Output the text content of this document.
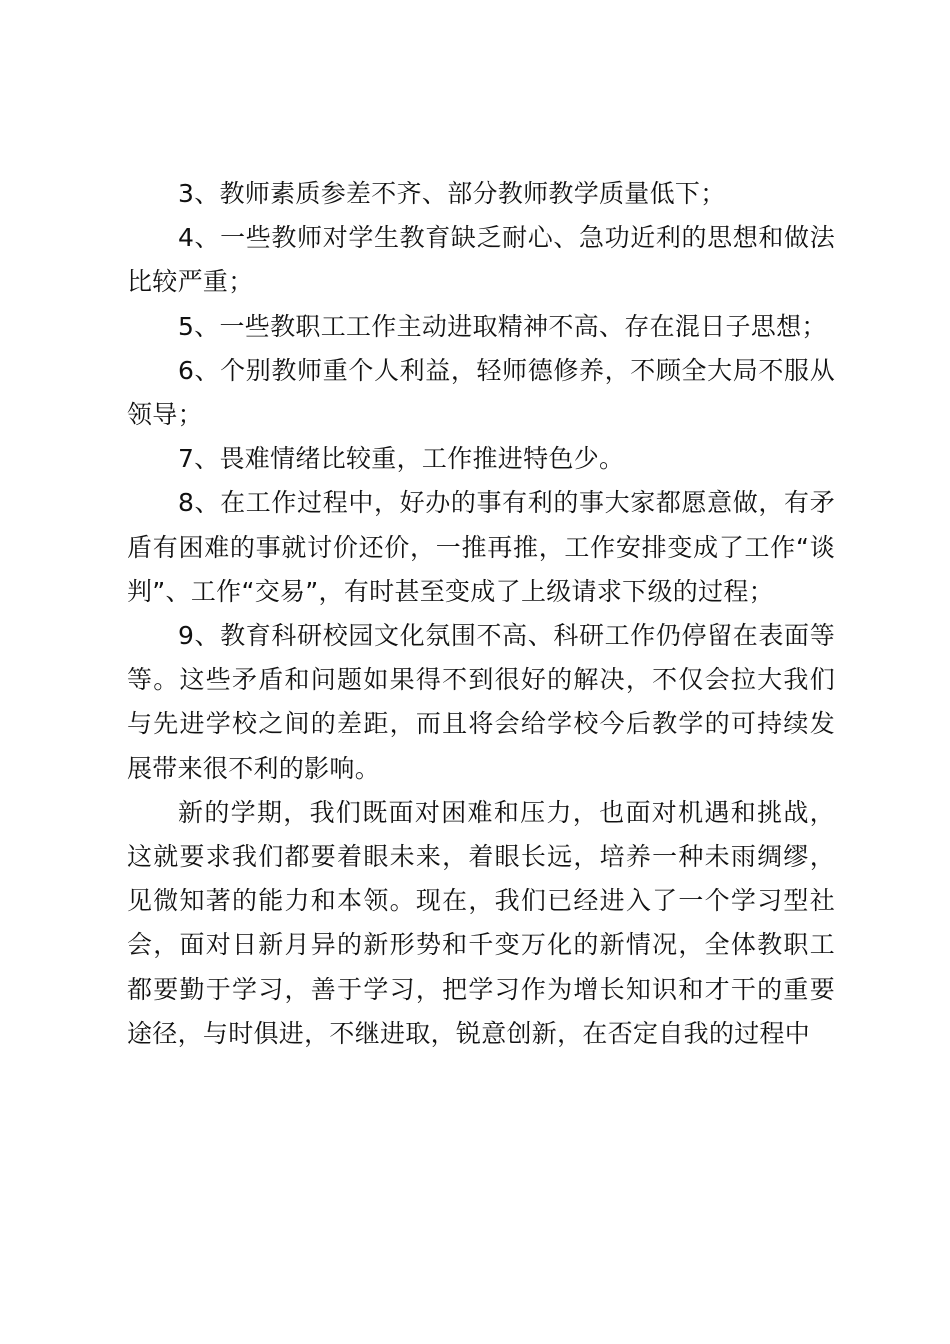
3、教师素质参差不齐、部分教师教学质量低下；

4、一些教师对学生教育缺乏耐心、急功近利的思想和做法比较严重；

5、一些教职工工作主动进取精神不高、存在混日子思想；

6、个别教师重个人利益，轻师德修养，不顾全大局不服从领导；

7、畏难情绪比较重，工作推进特色少。

8、在工作过程中，好办的事有利的事大家都愿意做，有矛盾有困难的事就讨价还价，一推再推，工作安排变成了工作“谈判”、工作“交易”，有时甚至变成了上级请求下级的过程；

9、教育科研校园文化氛围不高、科研工作仍停留在表面等等。这些矛盾和问题如果得不到很好的解决，不仅会拉大我们与先进学校之间的差距，而且将会给学校今后教学的可持续发展带来很不利的影响。

新的学期，我们既面对困难和压力，也面对机遇和挑战，这就要求我们都要着眼未来，着眼长远，培养一种未雨绸缪，见微知著的能力和本领。现在，我们已经进入了一个学习型社会，面对日新月异的新形势和千变万化的新情况，全体教职工都要勤于学习，善于学习，把学习作为增长知识和才干的重要途径，与时俱进，不继进取，锐意创新，在否定自我的过程中
